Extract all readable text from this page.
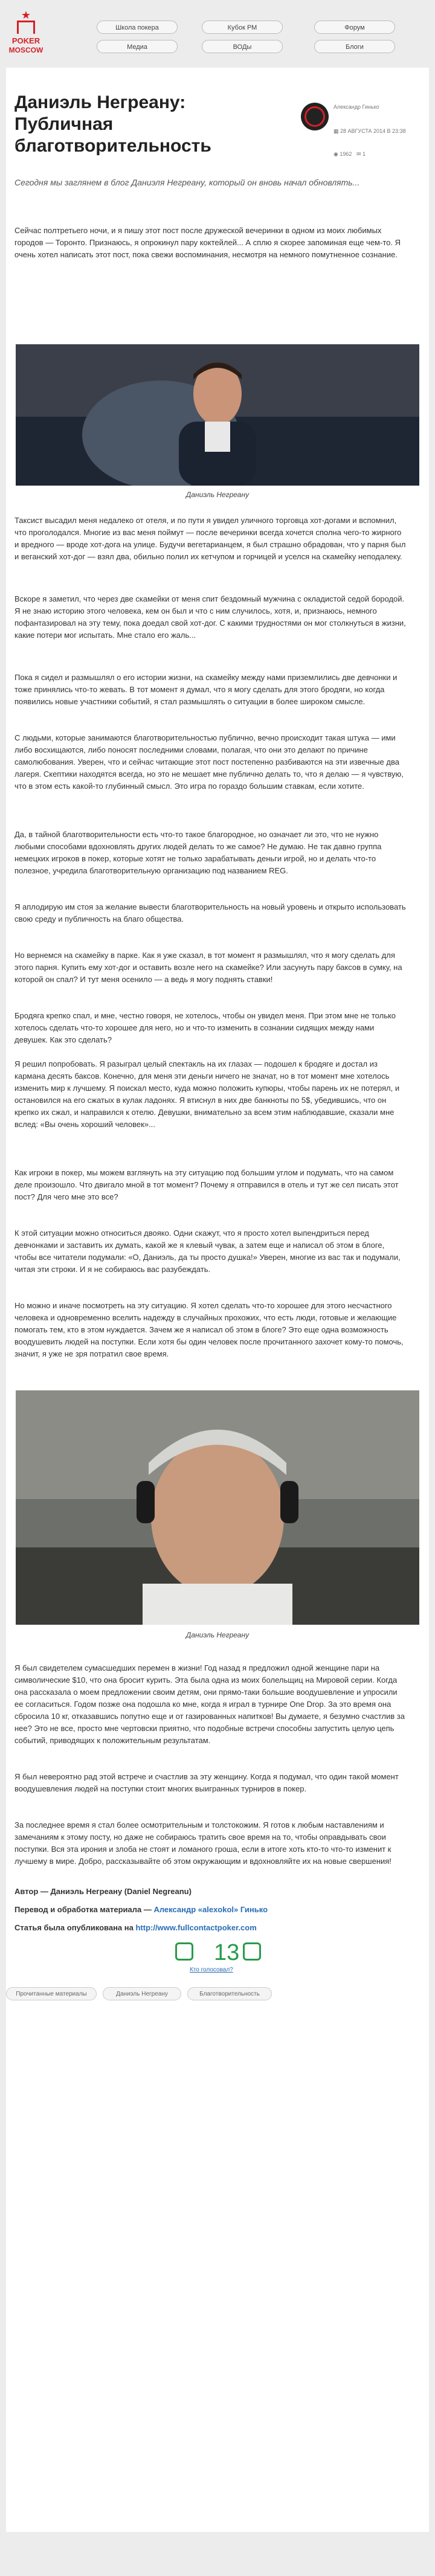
★
POKER
MOSCOW
Школа покера	Кубок РМ	Форум
Медиа	ВОДы	Блоги
Даниэль Негреану: Публичная благотворительность
Александр Гинько
▦ 28 АВГУСТА 2014 В 23:38
◉ 1962 ✉ 1
Сегодня мы заглянем в блог Даниэля Негреану, который он вновь начал обновлять...
Сейчас полтретьего ночи, и я пишу этот пост после дружеской вечеринки в одном из моих любимых городов — Торонто. Признаюсь, я опрокинул пару коктейлей... А сплю я скорее запоминая еще чем-то. Я очень хотел написать этот пост, пока свежи воспоминания, несмотря на немного помутненное сознание.
Даниэль Негреану
Таксист высадил меня недалеко от отеля, и по пути я увидел уличного торговца хот-догами и вспомнил, что проголодался. Многие из вас меня поймут — после вечеринки всегда хочется сполна чего-то жирного и вредного — вроде хот-дога на улице. Будучи вегетарианцем, я был страшно обрадован, что у парня был и веганский хот-дог — взял два, обильно полил их кетчупом и горчицей и уселся на скамейку неподалеку.
Вскоре я заметил, что через две скамейки от меня спит бездомный мужчина с окладистой седой бородой. Я не знаю историю этого человека, кем он был и что с ним случилось, хотя, и, признаюсь, немного пофантазировал на эту тему, пока доедал свой хот-дог. С какими трудностями он мог столкнуться в жизни, какие потери мог испытать. Мне стало его жаль...
Пока я сидел и размышлял о его истории жизни, на скамейку между нами приземлились две девчонки и тоже принялись что-то жевать. В тот момент я думал, что я могу сделать для этого бродяги, но когда появились новые участники событий, я стал размышлять о ситуации в более широком смысле.
С людьми, которые занимаются благотворительностью публично, вечно происходит такая штука — ими либо восхищаются, либо поносят последними словами, полагая, что они это делают по причине самолюбования. Уверен, что и сейчас читающие этот пост постепенно разбиваются на эти извечные два лагеря. Скептики находятся всегда, но это не мешает мне публично делать то, что я делаю — я чувствую, что в этом есть какой-то глубинный смысл. Это игра по гораздо большим ставкам, если хотите.
Да, в тайной благотворительности есть что-то такое благородное, но означает ли это, что не нужно любыми способами вдохновлять других людей делать то же самое? Не думаю. Не так давно группа немецких игроков в покер, которые хотят не только зарабатывать деньги игрой, но и делать что-то полезное, учредила благотворительную организацию под названием REG.
Я аплодирую им стоя за желание вывести благотворительность на новый уровень и открыто использовать свою среду и публичность на благо общества.
Но вернемся на скамейку в парке. Как я уже сказал, в тот момент я размышлял, что я могу сделать для этого парня. Купить ему хот-дог и оставить возле него на скамейке? Или засунуть пару баксов в сумку, на которой он спал? И тут меня осенило — а ведь я могу поднять ставки!
Бродяга крепко спал, и мне, честно говоря, не хотелось, чтобы он увидел меня. При этом мне не только хотелось сделать что-то хорошее для него, но и что-то изменить в сознании сидящих между нами девушек. Как это сделать?
Я решил попробовать. Я разыграл целый спектакль на их глазах — подошел к бродяге и достал из кармана десять баксов. Конечно, для меня эти деньги ничего не значат, но в тот момент мне хотелось изменить мир к лучшему. Я поискал место, куда можно положить купюры, чтобы парень их не потерял, и остановился на его сжатых в кулак ладонях. Я втиснул в них две банкноты по 5$, убедившись, что он крепко их сжал, и направился к отелю. Девушки, внимательно за всем этим наблюдавшие, сказали мне вслед: «Вы очень хороший человек»...
Как игроки в покер, мы можем взглянуть на эту ситуацию под большим углом и подумать, что на самом деле произошло. Что двигало мной в тот момент? Почему я отправился в отель и тут же сел писать этот пост? Для чего мне это все?
К этой ситуации можно относиться двояко. Одни скажут, что я просто хотел выпендриться перед девчонками и заставить их думать, какой же я клевый чувак, а затем еще и написал об этом в блоге, чтобы все читатели подумали: «О, Даниэль, да ты просто душка!» Уверен, многие из вас так и подумали, читая эти строки. И я не собираюсь вас разубеждать.
Но можно и иначе посмотреть на эту ситуацию. Я хотел сделать что-то хорошее для этого несчастного человека и одновременно вселить надежду в случайных прохожих, что есть люди, готовые и желающие помогать тем, кто в этом нуждается. Зачем же я написал об этом в блоге? Это еще одна возможность воодушевить людей на поступки. Если хотя бы один человек после прочитанного захочет кому-то помочь, значит, я уже не зря потратил свое время.
Даниэль Негреану
Я был свидетелем сумасшедших перемен в жизни! Год назад я предложил одной женщине пари на символические $10, что она бросит курить. Эта была одна из моих болельщиц на Мировой серии. Когда она рассказала о моем предложении своим детям, они прямо-таки большие воодушевление и упросили ее согласиться. Годом позже она подошла ко мне, когда я играл в турнире One Drop. За это время она сбросила 10 кг, отказавшись попутно еще и от газированных напитков! Вы думаете, я безумно счастлив за нее? Это не все, просто мне чертовски приятно, что подобные встречи способны запустить целую цепь событий, приводящих к положительным результатам.
Я был невероятно рад этой встрече и счастлив за эту женщину. Когда я подумал, что один такой момент воодушевления людей на поступки стоит многих выигранных турниров в покер.
За последнее время я стал более осмотрительным и толстокожим. Я готов к любым наставлениям и замечаниям к этому посту, но даже не собираюсь тратить свое время на то, чтобы оправдывать свои поступки. Вся эта ирония и злоба не стоят и ломаного гроша, если в итоге хоть кто-то что-то изменит к лучшему в мире. Добро, рассказывайте об этом окружающим и вдохновляйте их на новые свершения!
Автор — Даниэль Негреану (Daniel Negreanu)
Перевод и обработка материала — Александр «alexokol» Гинько
Статья была опубликована на http://www.fullcontactpoker.com
13
Кто голосовал?
Прочитанные материалы	Даниэль Негреану	Благотворительность
